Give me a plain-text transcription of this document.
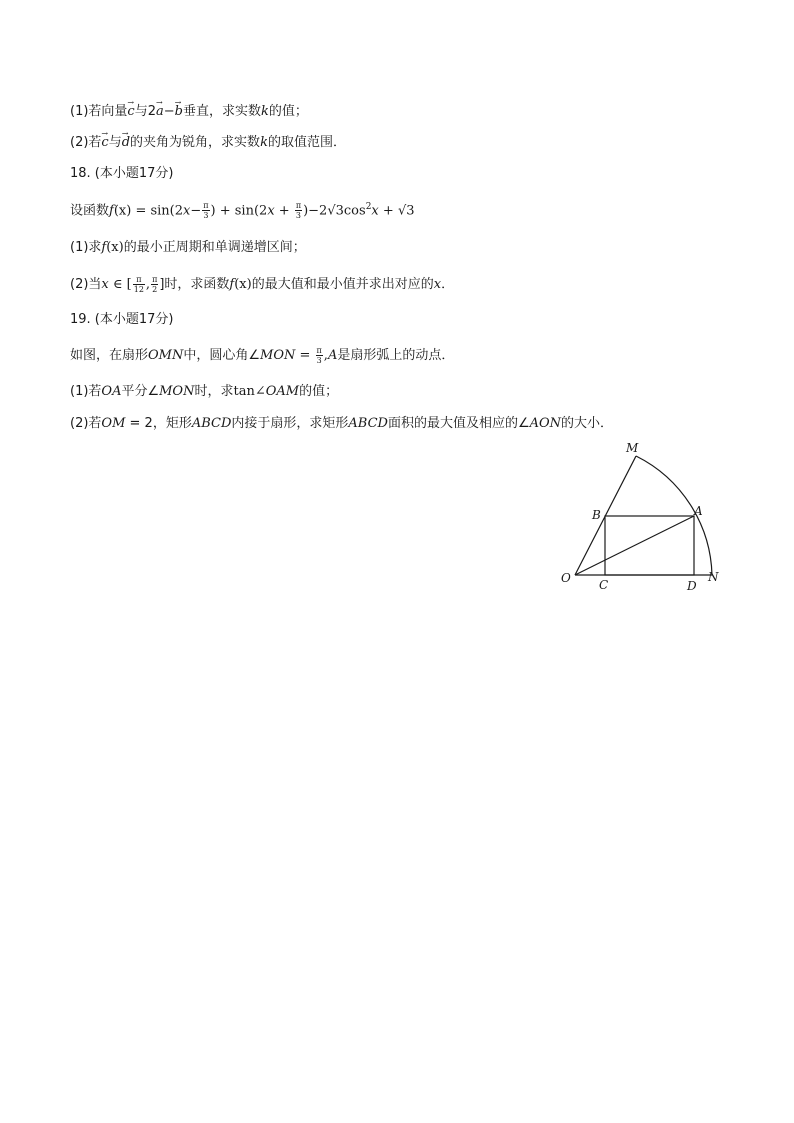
(1)若向量→ c与2→ a−→ b垂直，求实数k的值；
(2)若→ c与→ d的夹角为锐角，求实数k的取值范围．
18. (本小题17分)
设函数$f(x) = \sin(2x- \frac{\pi}{3}$ ) + $\sin(2x + \frac{\pi}{3} )-2√3\cos^2x + √3$
(1)求f(x)的最小正周期和单调递增区间；
(2)当x ∈ [ $\frac{\pi}{12}$ , $\frac{\pi}{2}$ ]时，求函数f(x)的最大值和最小值并求出对应的x．
19. (本小题17分)
如图，在扇形OMN中，圆心角∠MON = $\frac{\pi}{3} ,A$是扇形弧上的动点．
(1)若OA平分∠MON时，求tan∠OAM的值；
(2)若OM = 2，矩形ABCD内接于扇形，求矩形ABCD面积的最大值及相应的∠AON的大小．
M
B	A
O C	D
N
